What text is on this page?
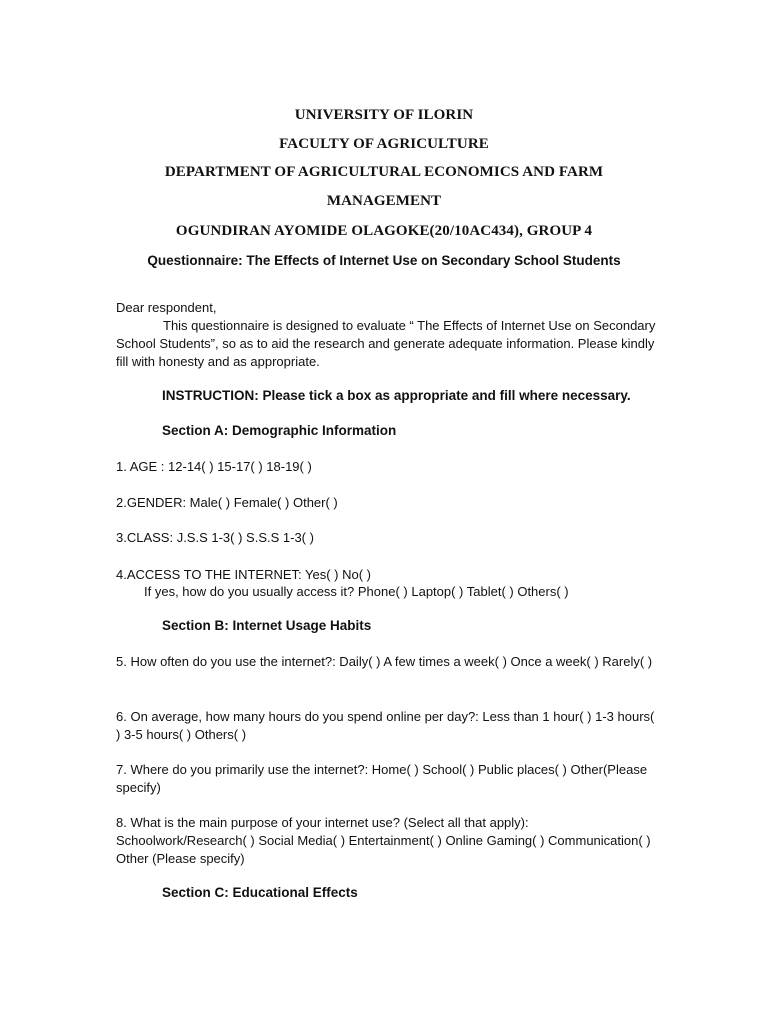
UNIVERSITY OF ILORIN
FACULTY OF AGRICULTURE
DEPARTMENT OF AGRICULTURAL ECONOMICS AND FARM
MANAGEMENT
OGUNDIRAN AYOMIDE OLAGOKE(20/10AC434), GROUP 4
Questionnaire: The Effects of Internet Use on Secondary School Students
Dear respondent,
This questionnaire is designed to evaluate “ The Effects of Internet Use on Secondary School Students”, so as to aid the research and generate adequate information. Please kindly fill with honesty and as appropriate.
INSTRUCTION: Please tick a box as appropriate and fill where necessary.
Section A: Demographic Information
1. AGE : 12-14( ) 15-17( ) 18-19( )
2.GENDER: Male( ) Female( ) Other( )
3.CLASS: J.S.S 1-3( ) S.S.S 1-3( )
4.ACCESS TO THE INTERNET: Yes( ) No( )
If yes, how do you usually access it? Phone( ) Laptop( ) Tablet( ) Others( )
Section B: Internet Usage Habits
5. How often do you use the internet?: Daily( ) A few times a week( ) Once a week( ) Rarely( )
6. On average, how many hours do you spend online per day?: Less than 1 hour( ) 1-3 hours( ) 3-5 hours( ) Others( )
7. Where do you primarily use the internet?: Home( ) School( ) Public places( ) Other(Please specify)
8. What is the main purpose of your internet use? (Select all that apply): Schoolwork/Research( ) Social Media( ) Entertainment( ) Online Gaming( ) Communication( ) Other (Please specify)
Section C: Educational Effects
